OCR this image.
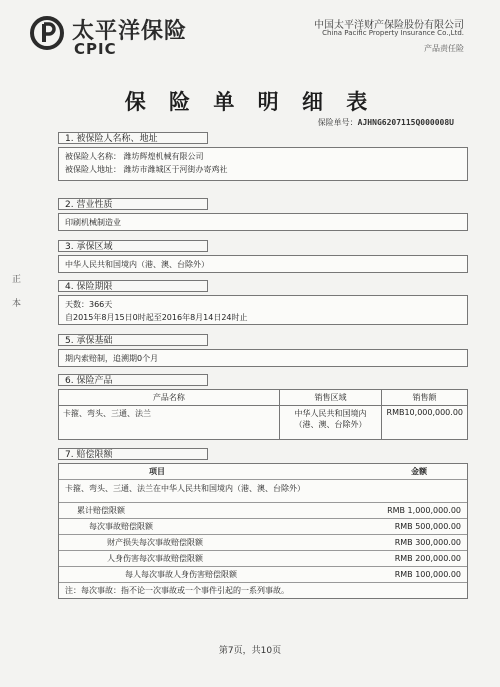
太平洋保险
CPIC
中国太平洋财产保险股份有限公司
China Pacific Property Insurance Co.,Ltd.
产品责任险
保 险 单 明 细 表
保险单号：AJHNG6207115Q000008U
正
本
1. 被保险人名称、地址
被保险人名称： 潍坊辉煌机械有限公司
被保险人地址： 潍坊市潍城区于河街办寄鸡社
2. 营业性质
印刷机械制造业
3. 承保区域
中华人民共和国境内（港、澳、台除外）
4. 保险期限
天数：366天
自2015年8月15日0时起至2016年8月14日24时止
5. 承保基础
期内索赔制，追溯期0个月
6. 保险产品
产品名称	销售区域	销售额
卡箍、弯头、三通、法兰	中华人民共和国境内（港、澳、台除外）	RMB10,000,000.00
7. 赔偿限额
项目	金额
卡箍、弯头、三通、法兰在中华人民共和国境内（港、澳、台除外）
累计赔偿限额	RMB 1,000,000.00
每次事故赔偿限额	RMB 500,000.00
财产损失每次事故赔偿限额	RMB 300,000.00
人身伤害每次事故赔偿限额	RMB 200,000.00
每人每次事故人身伤害赔偿限额	RMB 100,000.00
注：每次事故：指不论一次事故或一个事件引起的一系列事故。
第7页，共10页
